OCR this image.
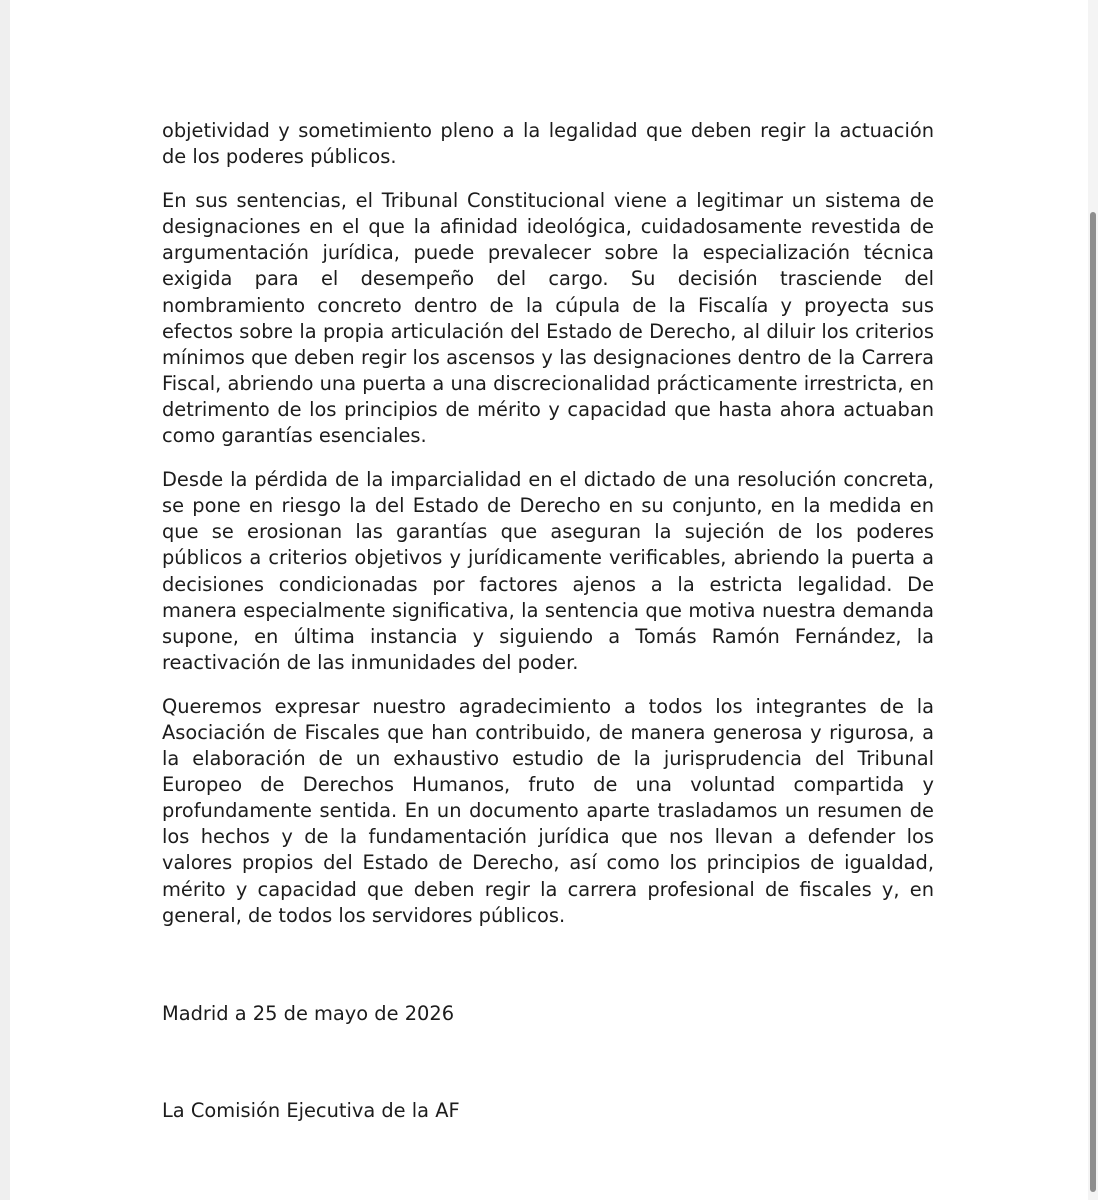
objetividad y sometimiento pleno a la legalidad que deben regir la actuación de los poderes públicos.

En sus sentencias, el Tribunal Constitucional viene a legitimar un sistema de designaciones en el que la afinidad ideológica, cuidadosamente revestida de argumentación jurídica, puede prevalecer sobre la especialización técnica exigida para el desempeño del cargo. Su decisión trasciende del nombramiento concreto dentro de la cúpula de la Fiscalía y proyecta sus efectos sobre la propia articulación del Estado de Derecho, al diluir los criterios mínimos que deben regir los ascensos y las designaciones dentro de la Carrera Fiscal, abriendo una puerta a una discrecionalidad prácticamente irrestricta, en detrimento de los principios de mérito y capacidad que hasta ahora actuaban como garantías esenciales.

Desde la pérdida de la imparcialidad en el dictado de una resolución concreta, se pone en riesgo la del Estado de Derecho en su conjunto, en la medida en que se erosionan las garantías que aseguran la sujeción de los poderes públicos a criterios objetivos y jurídicamente verificables, abriendo la puerta a decisiones condicionadas por factores ajenos a la estricta legalidad. De manera especialmente significativa, la sentencia que motiva nuestra demanda supone, en última instancia y siguiendo a Tomás Ramón Fernández, la reactivación de las inmunidades del poder.

Queremos expresar nuestro agradecimiento a todos los integrantes de la Asociación de Fiscales que han contribuido, de manera generosa y rigurosa, a la elaboración de un exhaustivo estudio de la jurisprudencia del Tribunal Europeo de Derechos Humanos, fruto de una voluntad compartida y profundamente sentida. En un documento aparte trasladamos un resumen de los hechos y de la fundamentación jurídica que nos llevan a defender los valores propios del Estado de Derecho, así como los principios de igualdad, mérito y capacidad que deben regir la carrera profesional de fiscales y, en general, de todos los servidores públicos.

Madrid a 25 de mayo de 2026
La Comisión Ejecutiva de la AF
